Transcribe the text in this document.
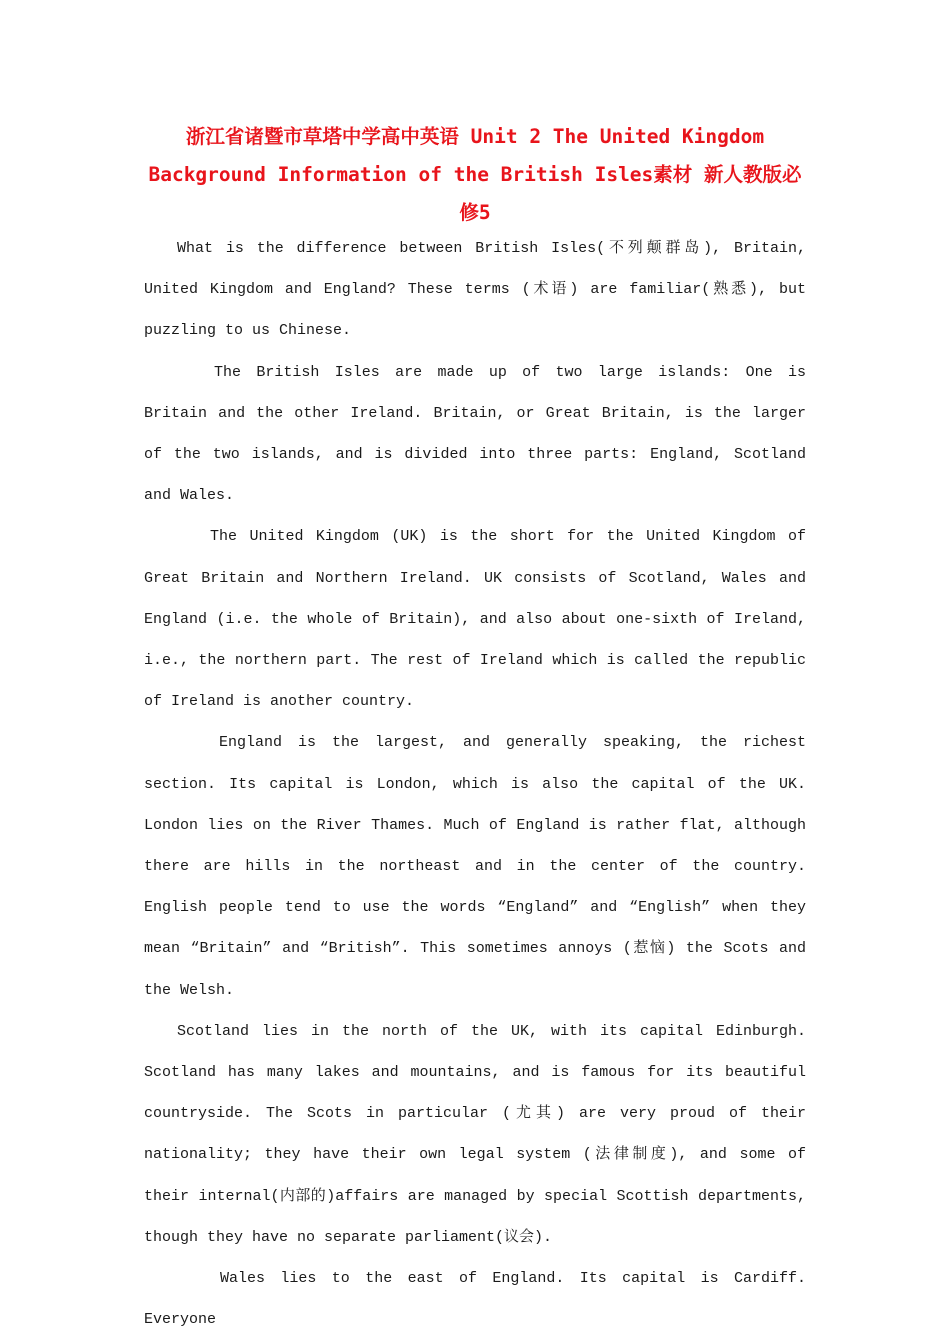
浙江省诸暨市草塔中学高中英语 Unit 2 The United Kingdom Background Information of the British Isles素材 新人教版必修5

What is the difference between British Isles(不列颠群岛), Britain, United Kingdom and England? These terms (术语) are familiar(熟悉), but puzzling to us Chinese.

The British Isles are made up of two large islands: One is Britain and the other Ireland. Britain, or Great Britain, is the larger of the two islands, and is divided into three parts: England, Scotland and Wales.

The United Kingdom (UK) is the short for the United Kingdom of Great Britain and Northern Ireland. UK consists of Scotland, Wales and England (i.e. the whole of Britain), and also about one-sixth of Ireland, i.e., the northern part. The rest of Ireland which is called the republic of Ireland is another country.

England is the largest, and generally speaking, the richest section. Its capital is London, which is also the capital of the UK. London lies on the River Thames. Much of England is rather flat, although there are hills in the northeast and in the center of the country. English people tend to use the words “England” and “English” when they mean “Britain” and “British”. This sometimes annoys (惹恼) the Scots and the Welsh.

Scotland lies in the north of the UK, with its capital Edinburgh. Scotland has many lakes and mountains, and is famous for its beautiful countryside. The Scots in particular (尤其) are very proud of their nationality; they have their own legal system (法律制度), and some of their internal(内部的)affairs are managed by special Scottish departments, though they have no separate parliament(议会).

Wales lies to the east of England. Its capital is Cardiff. Everyone
